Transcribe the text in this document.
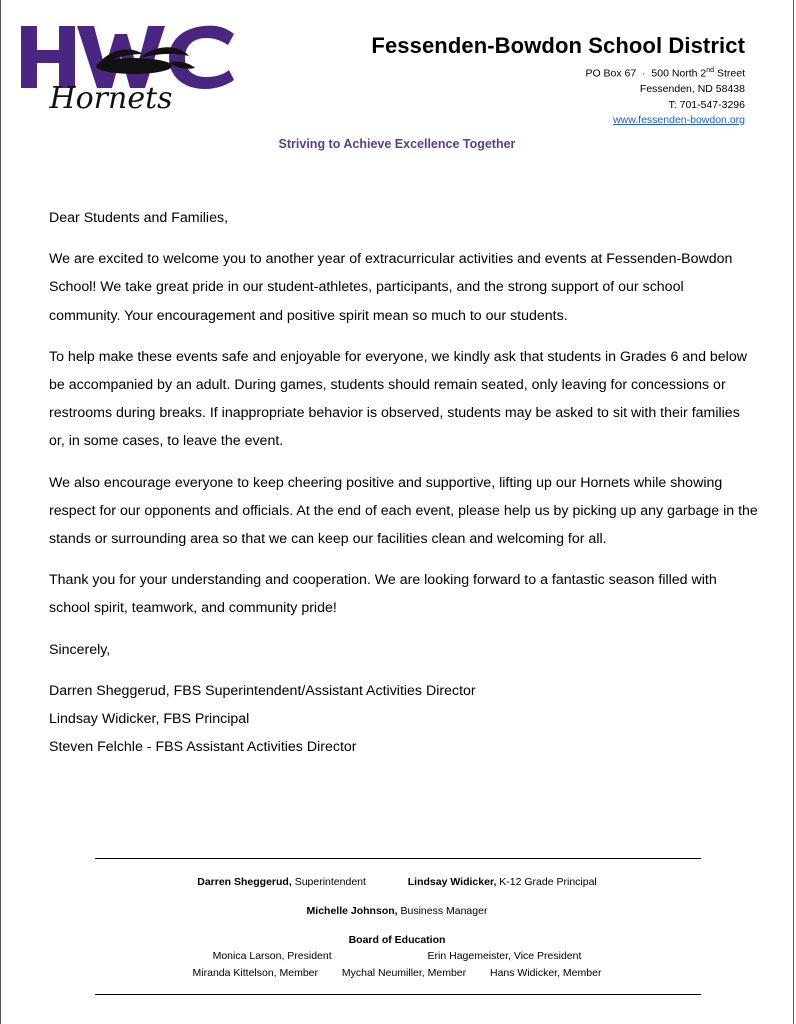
Hornets
Fessenden-Bowdon School District
PO Box 67  ·  500 North 2nd Street
Fessenden, ND 58438
T: 701-547-3296
www.fessenden-bowdon.org
Striving to Achieve Excellence Together

Dear Students and Families,

We are excited to welcome you to another year of extracurricular activities and events at Fessenden-Bowdon School! We take great pride in our student-athletes, participants, and the strong support of our school community. Your encouragement and positive spirit mean so much to our students.

To help make these events safe and enjoyable for everyone, we kindly ask that students in Grades 6 and below be accompanied by an adult. During games, students should remain seated, only leaving for concessions or restrooms during breaks. If inappropriate behavior is observed, students may be asked to sit with their families or, in some cases, to leave the event.

We also encourage everyone to keep cheering positive and supportive, lifting up our Hornets while showing respect for our opponents and officials. At the end of each event, please help us by picking up any garbage in the stands or surrounding area so that we can keep our facilities clean and welcoming for all.

Thank you for your understanding and cooperation. We are looking forward to a fantastic season filled with school spirit, teamwork, and community pride!

Sincerely,

Darren Sheggerud, FBS Superintendent/Assistant Activities Director

Lindsay Widicker, FBS Principal

Steven Felchle - FBS Assistant Activities Director

Darren Sheggerud, Superintendent	Lindsay Widicker, K-12 Grade Principal
Michelle Johnson, Business Manager
Board of Education
Monica Larson, President	Erin Hagemeister, Vice President
Miranda Kittelson, Member Mychal Neumiller, Member Hans Widicker, Member
